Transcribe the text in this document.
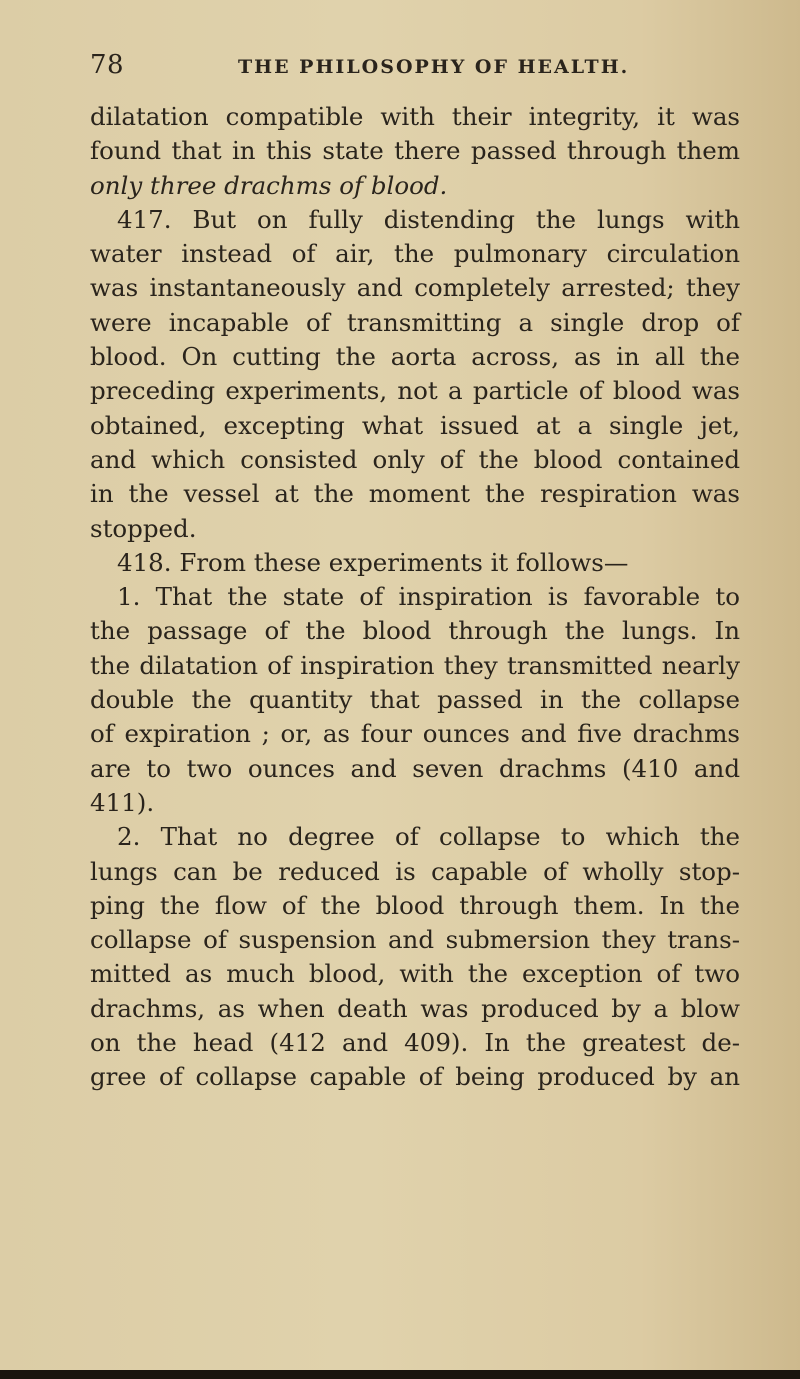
78	THE PHILOSOPHY OF HEALTH.
dilatation compatible with their integrity, it was
found that in this state there passed through them
only three drachms of blood.
417. But on fully distending the lungs with
water instead of air, the pulmonary circulation
was instantaneously and completely arrested; they
were incapable of transmitting a single drop of
blood. On cutting the aorta across, as in all the
preceding experiments, not a particle of blood was
obtained, excepting what issued at a single jet,
and which consisted only of the blood contained
in the vessel at the moment the respiration was
stopped.
418. From these experiments it follows—
1. That the state of inspiration is favorable to
the passage of the blood through the lungs. In
the dilatation of inspiration they transmitted nearly
double the quantity that passed in the collapse
of expiration ; or, as four ounces and five drachms
are to two ounces and seven drachms (410 and
411).
2. That no degree of collapse to which the
lungs can be reduced is capable of wholly stop-
ping the flow of the blood through them. In the
collapse of suspension and submersion they trans-
mitted as much blood, with the exception of two
drachms, as when death was produced by a blow
on the head (412 and 409). In the greatest de-
gree of collapse capable of being produced by an
